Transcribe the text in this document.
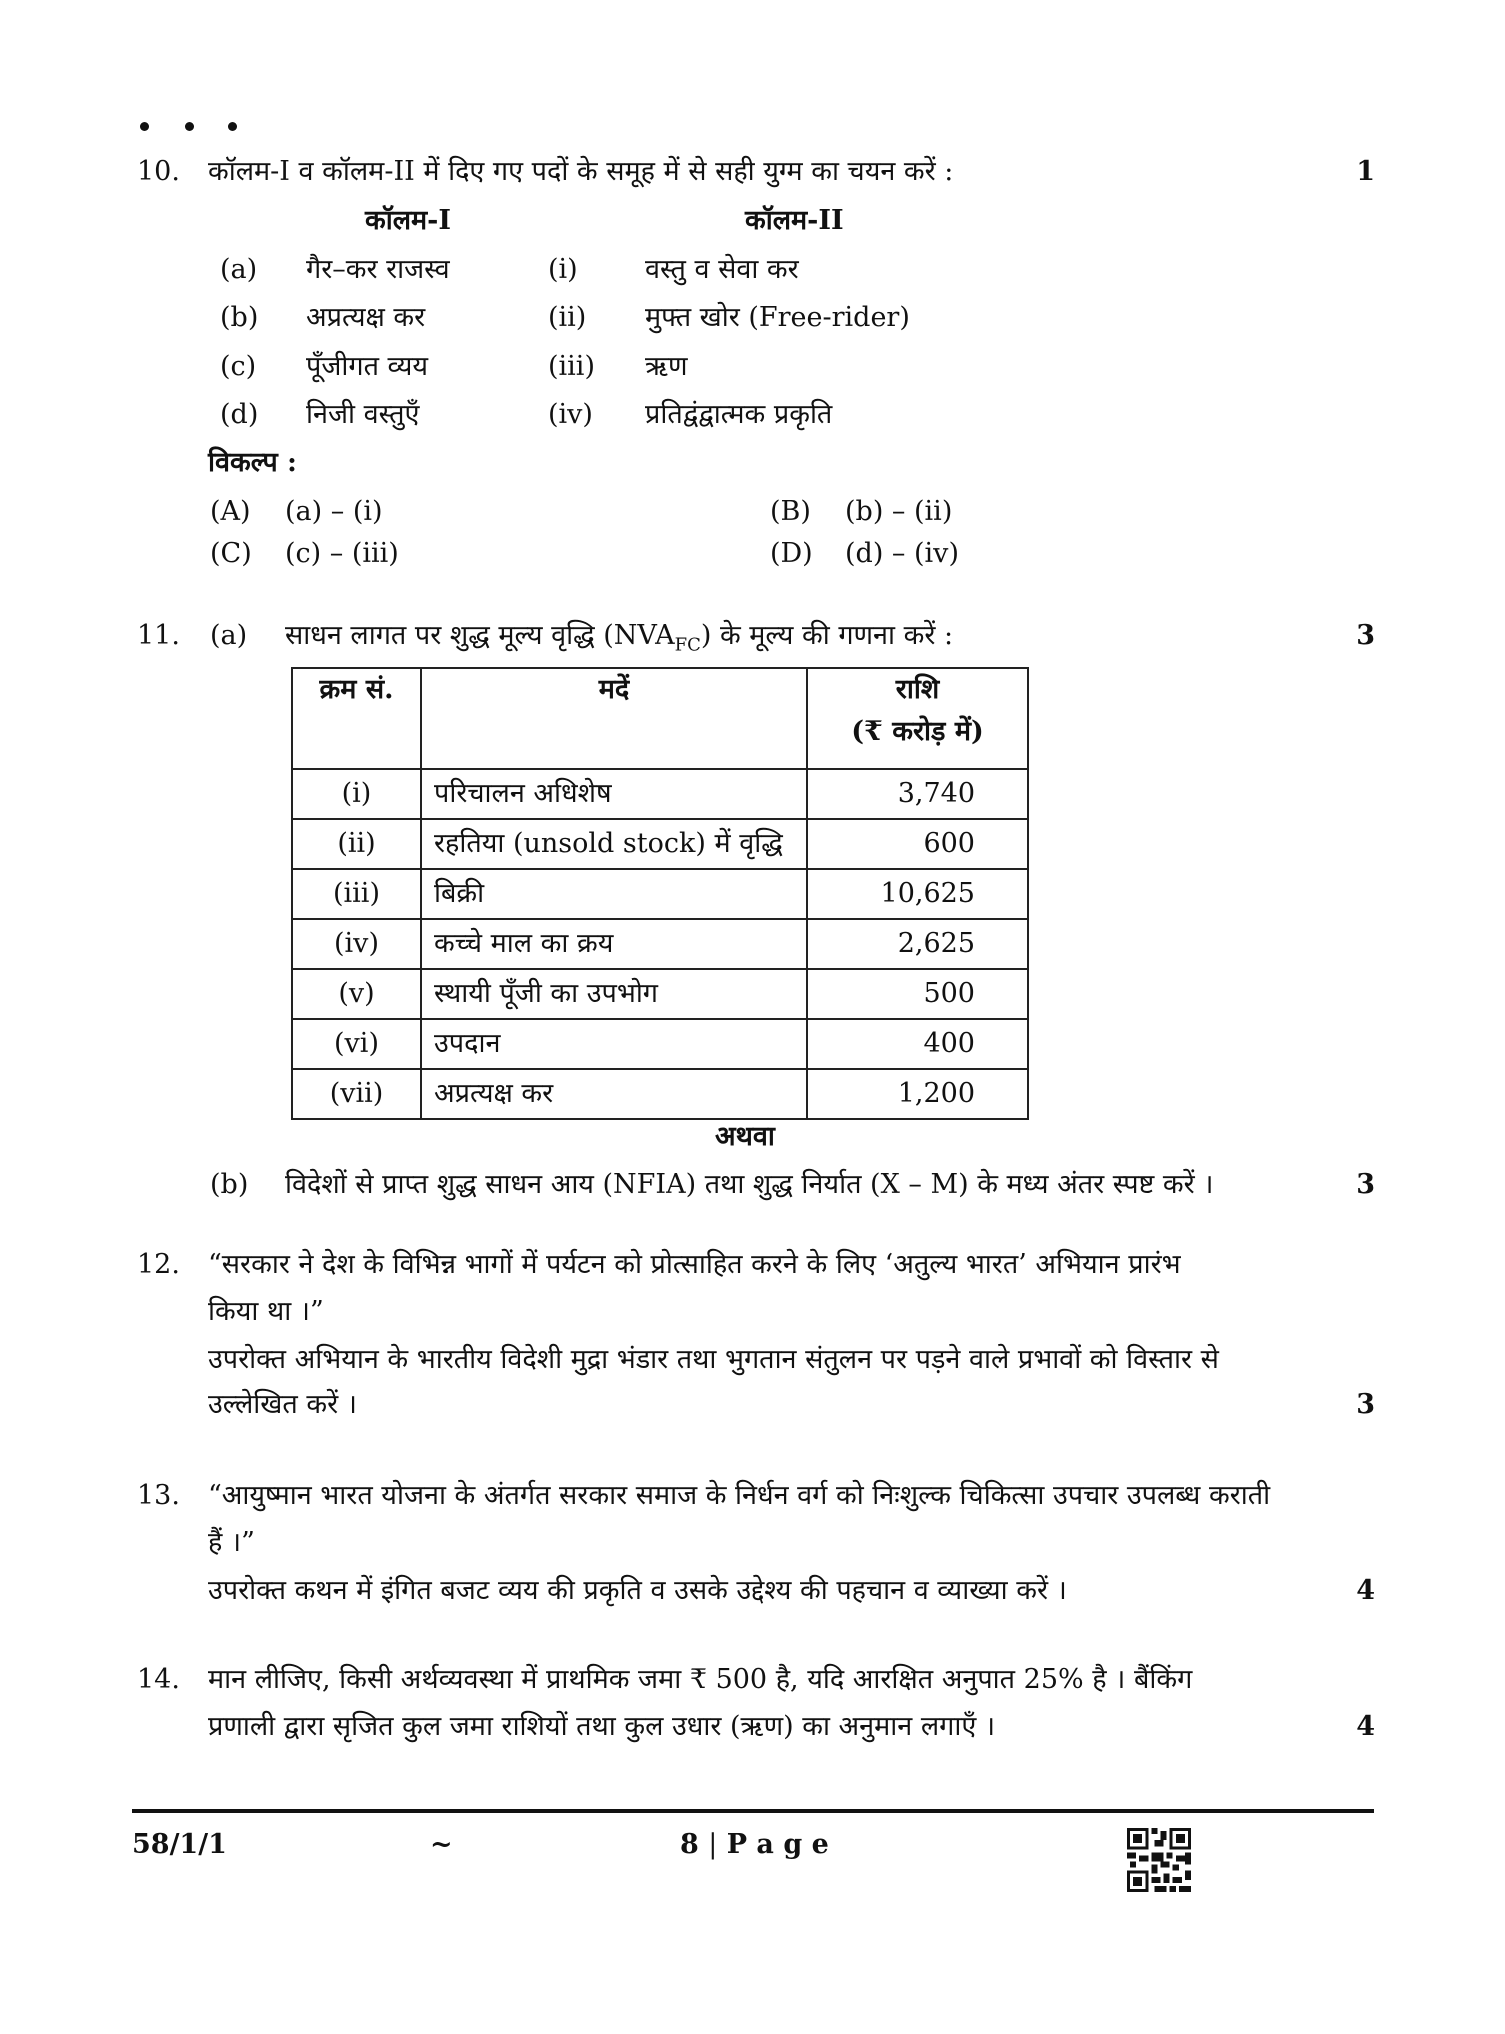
10. कॉलम-I व कॉलम-II में दिए गए पदों के समूह में से सही युग्म का चयन करें :	1
कॉलम-I	कॉलम-II
(a) गैर–कर राजस्व	(i) वस्तु व सेवा कर
(b) अप्रत्यक्ष कर	(ii) मुफ्त खोर (Free-rider)
(c) पूँजीगत व्यय	(iii) ऋण
(d) निजी वस्तुएँ	(iv) प्रतिद्वंद्वात्मक प्रकृति
विकल्प :
(A) (a) – (i)	(B) (b) – (ii)
(C) (c) – (iii)	(D) (d) – (iv)
11. (a) साधन लागत पर शुद्ध मूल्य वृद्धि $(NVA_{FC})$ के मूल्य की गणना करें :	3
क्रम सं.	मदें	राशि
(₹ करोड़ में)

(i)	परिचालन अधिशेष	3,740
(ii)	रहतिया (unsold stock) में वृद्धि	600
(iii)	बिक्री	10,625
(iv)	कच्चे माल का क्रय	2,625
(v)	स्थायी पूँजी का उपभोग	500
(vi)	उपदान	400
(vii)	अप्रत्यक्ष कर	1,200
अथवा
(b) विदेशों से प्राप्त शुद्ध साधन आय (NFIA) तथा शुद्ध निर्यात (X – M) के मध्य अंतर स्पष्ट करें ।	3
12. “सरकार ने देश के विभिन्न भागों में पर्यटन को प्रोत्साहित करने के लिए ‘अतुल्य भारत’ अभियान प्रारंभ
किया था ।”
उपरोक्त अभियान के भारतीय विदेशी मुद्रा भंडार तथा भुगतान संतुलन पर पड़ने वाले प्रभावों को विस्तार से
उल्लेखित करें ।	3
13. “आयुष्मान भारत योजना के अंतर्गत सरकार समाज के निर्धन वर्ग को निःशुल्क चिकित्सा उपचार उपलब्ध कराती
हैं ।”
उपरोक्त कथन में इंगित बजट व्यय की प्रकृति व उसके उद्देश्य की पहचान व व्याख्या करें ।	4
14. मान लीजिए, किसी अर्थव्यवस्था में प्राथमिक जमा ₹ 500 है, यदि आरक्षित अनुपात 25% है । बैंकिंग
प्रणाली द्वारा सृजित कुल जमा राशियों तथा कुल उधार (ऋण) का अनुमान लगाएँ ।	4
58/1/1	~	8 | P a g e
